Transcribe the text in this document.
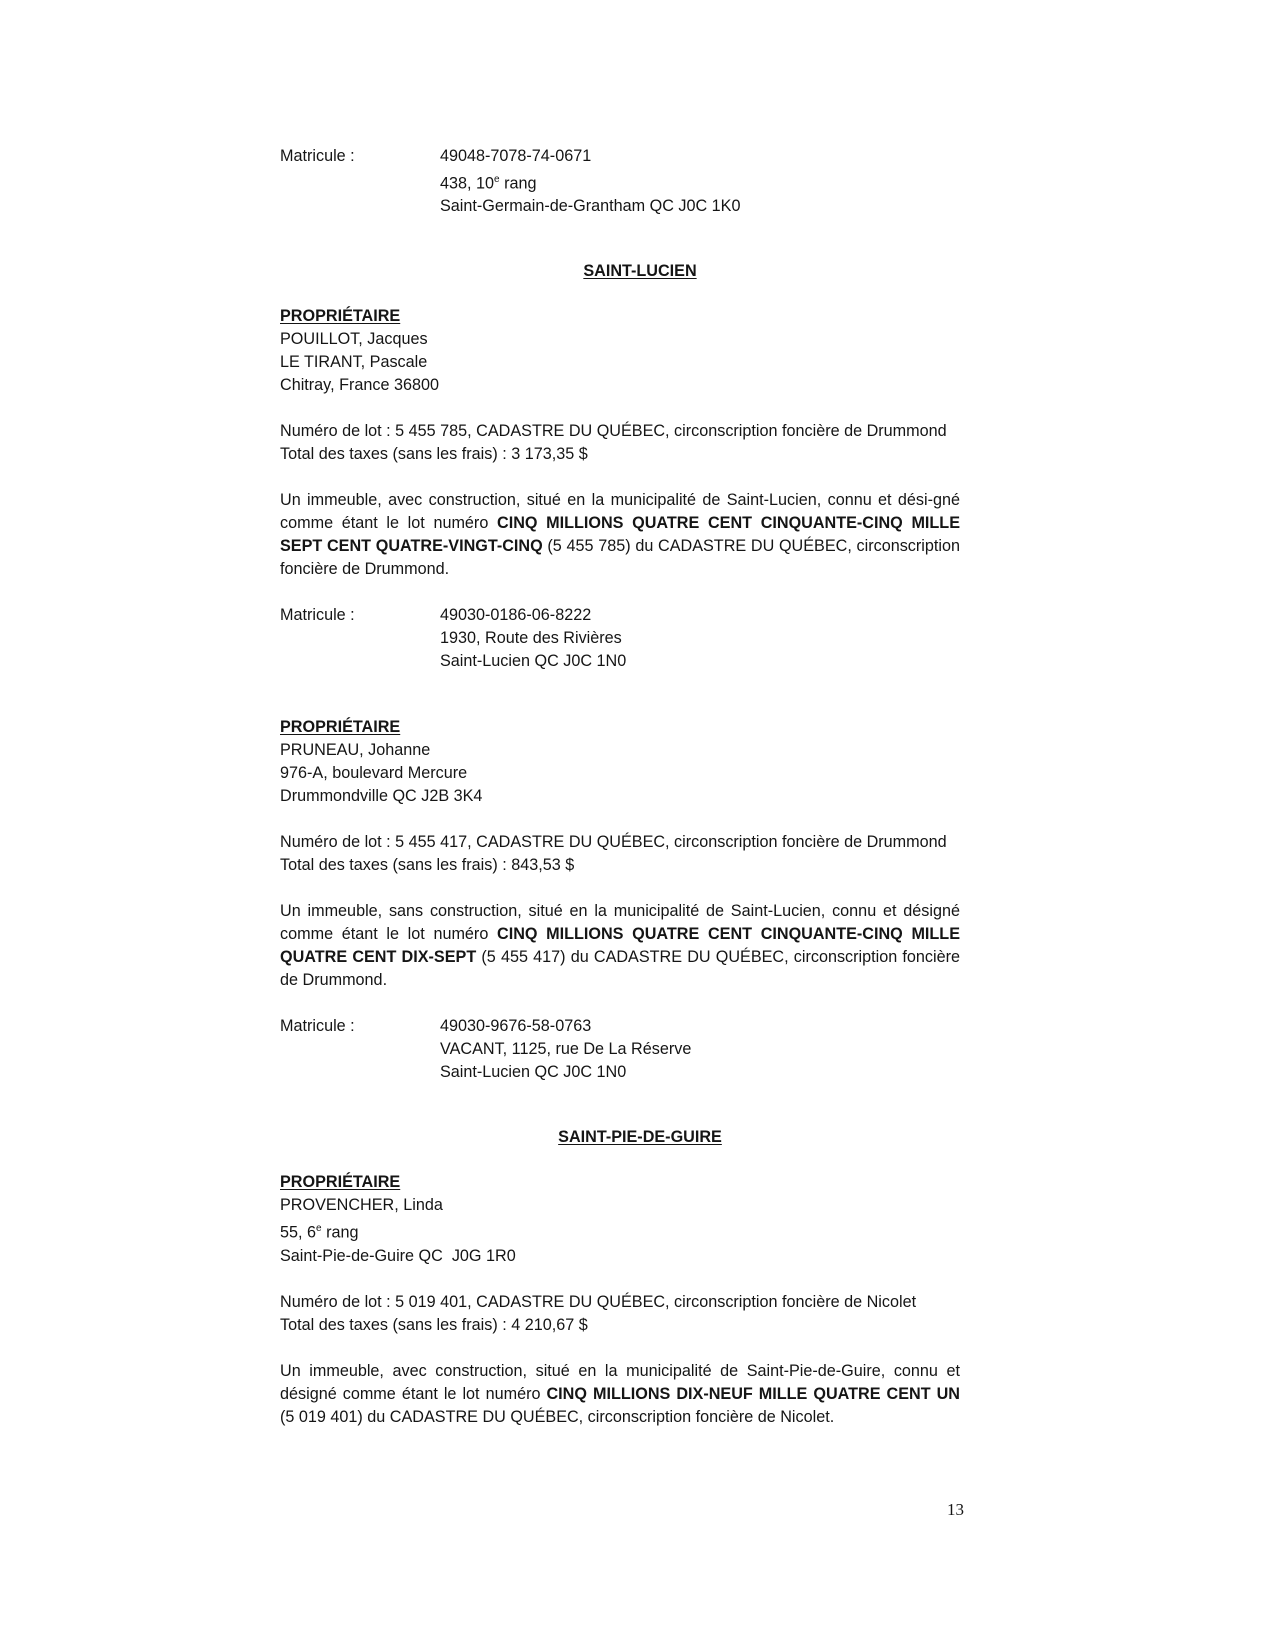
Matricule :	49048-7078-74-0671
438, 10e rang
Saint-Germain-de-Grantham QC J0C 1K0
SAINT-LUCIEN
PROPRIÉTAIRE
POUILLOT, Jacques
LE TIRANT, Pascale
Chitray, France 36800
Numéro de lot : 5 455 785, CADASTRE DU QUÉBEC, circonscription foncière de Drummond
Total des taxes (sans les frais) : 3 173,35 $
Un immeuble, avec construction, situé en la municipalité de Saint-Lucien, connu et dési-gné comme étant le lot numéro CINQ MILLIONS QUATRE CENT CINQUANTE-CINQ MILLE SEPT CENT QUATRE-VINGT-CINQ (5 455 785) du CADASTRE DU QUÉBEC, circonscription foncière de Drummond.
Matricule :	49030-0186-06-8222
1930, Route des Rivières
Saint-Lucien QC J0C 1N0
PROPRIÉTAIRE
PRUNEAU, Johanne
976-A, boulevard Mercure
Drummondville QC J2B 3K4
Numéro de lot : 5 455 417, CADASTRE DU QUÉBEC, circonscription foncière de Drummond
Total des taxes (sans les frais) : 843,53 $
Un immeuble, sans construction, situé en la municipalité de Saint-Lucien, connu et désigné comme étant le lot numéro CINQ MILLIONS QUATRE CENT CINQUANTE-CINQ MILLE QUATRE CENT DIX-SEPT (5 455 417) du CADASTRE DU QUÉBEC, circonscription foncière de Drummond.
Matricule :	49030-9676-58-0763
VACANT, 1125, rue De La Réserve
Saint-Lucien QC J0C 1N0
SAINT-PIE-DE-GUIRE
PROPRIÉTAIRE
PROVENCHER, Linda
55, 6e rang
Saint-Pie-de-Guire QC  J0G 1R0
Numéro de lot : 5 019 401, CADASTRE DU QUÉBEC, circonscription foncière de Nicolet
Total des taxes (sans les frais) : 4 210,67 $
Un immeuble, avec construction, situé en la municipalité de Saint-Pie-de-Guire, connu et désigné comme étant le lot numéro CINQ MILLIONS DIX-NEUF MILLE QUATRE CENT UN (5 019 401) du CADASTRE DU QUÉBEC, circonscription foncière de Nicolet.
13
